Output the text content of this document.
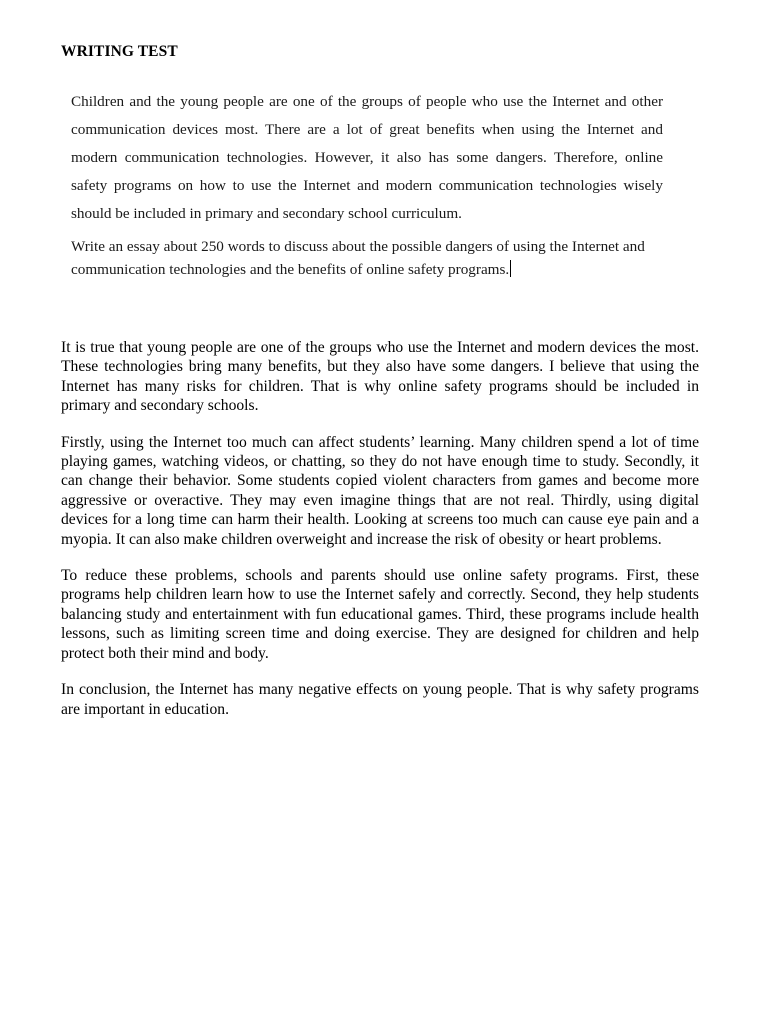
WRITING TEST

Children and the young people are one of the groups of people who use the Internet and other communication devices most. There are a lot of great benefits when using the Internet and modern communication technologies. However, it also has some dangers. Therefore, online safety programs on how to use the Internet and modern communication technologies wisely should be included in primary and secondary school curriculum.

Write an essay about 250 words to discuss about the possible dangers of using the Internet and communication technologies and the benefits of online safety programs.

It is true that young people are one of the groups who use the Internet and modern devices the most. These technologies bring many benefits, but they also have some dangers. I believe that using the Internet has many risks for children. That is why online safety programs should be included in primary and secondary schools.

Firstly, using the Internet too much can affect students’ learning. Many children spend a lot of time playing games, watching videos, or chatting, so they do not have enough time to study. Secondly, it can change their behavior. Some students copied violent characters from games and become more aggressive or overactive. They may even imagine things that are not real. Thirdly, using digital devices for a long time can harm their health. Looking at screens too much can cause eye pain and a myopia. It can also make children overweight and increase the risk of obesity or heart problems.

To reduce these problems, schools and parents should use online safety programs. First, these programs help children learn how to use the Internet safely and correctly. Second, they help students balancing study and entertainment with fun educational games. Third, these programs include health lessons, such as limiting screen time and doing exercise. They are designed for children and help protect both their mind and body.

In conclusion, the Internet has many negative effects on young people. That is why safety programs are important in education.
